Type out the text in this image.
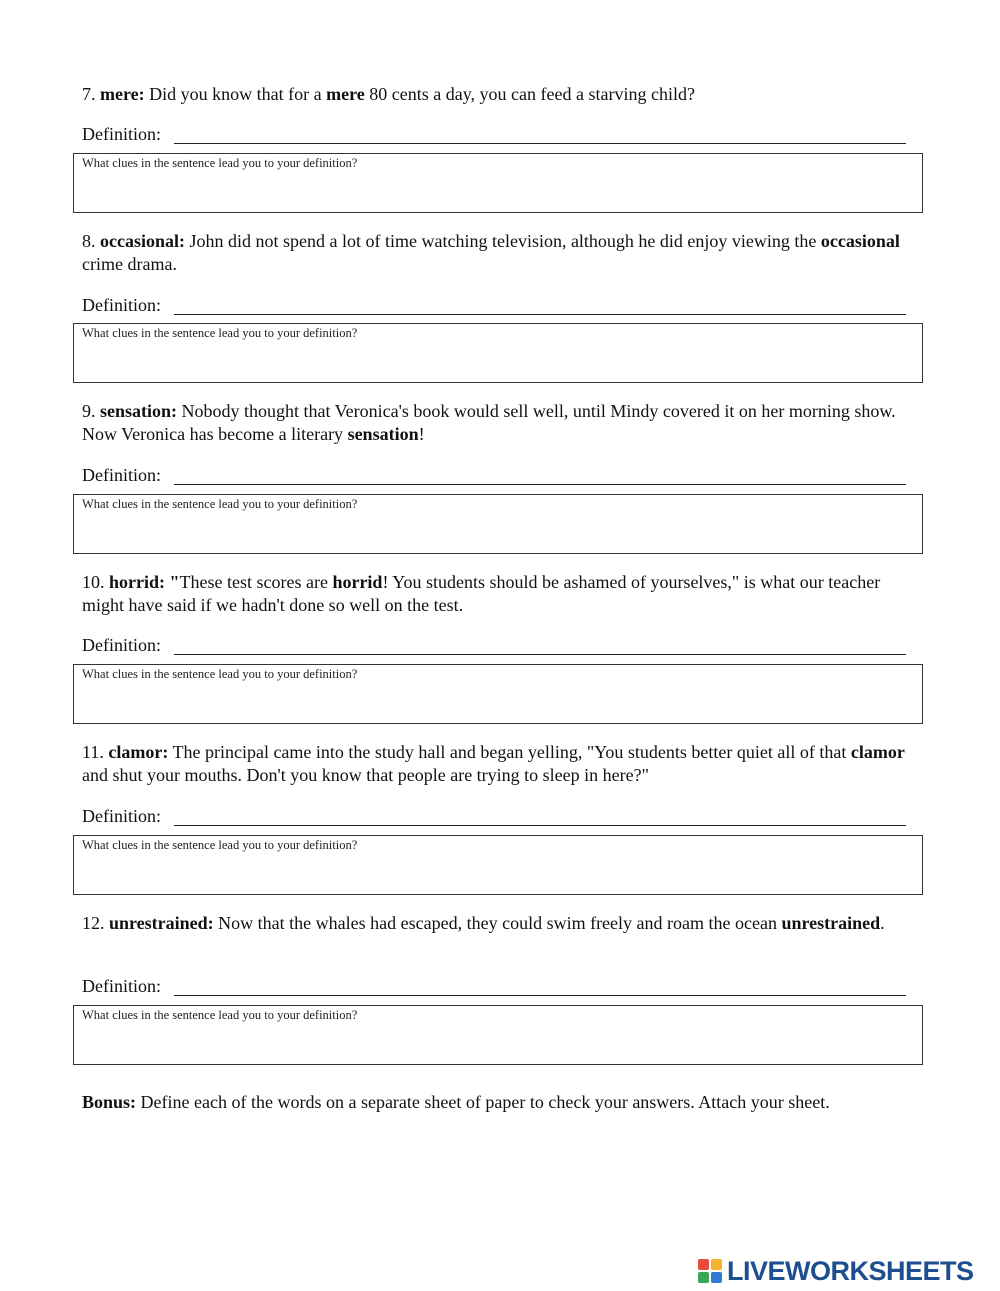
7. mere: Did you know that for a mere 80 cents a day, you can feed a starving child?
Definition:
What clues in the sentence lead you to your definition?
8. occasional: John did not spend a lot of time watching television, although he did enjoy viewing the occasional crime drama.
Definition:
What clues in the sentence lead you to your definition?
9. sensation: Nobody thought that Veronica's book would sell well, until Mindy covered it on her morning show. Now Veronica has become a literary sensation!
Definition:
What clues in the sentence lead you to your definition?
10. horrid: "These test scores are horrid! You students should be ashamed of yourselves," is what our teacher might have said if we hadn't done so well on the test.
Definition:
What clues in the sentence lead you to your definition?
11. clamor: The principal came into the study hall and began yelling, "You students better quiet all of that clamor and shut your mouths. Don't you know that people are trying to sleep in here?"
Definition:
What clues in the sentence lead you to your definition?
12. unrestrained: Now that the whales had escaped, they could swim freely and roam the ocean unrestrained.
Definition:
What clues in the sentence lead you to your definition?
Bonus: Define each of the words on a separate sheet of paper to check your answers. Attach your sheet.
LIVEWORKSHEETS
